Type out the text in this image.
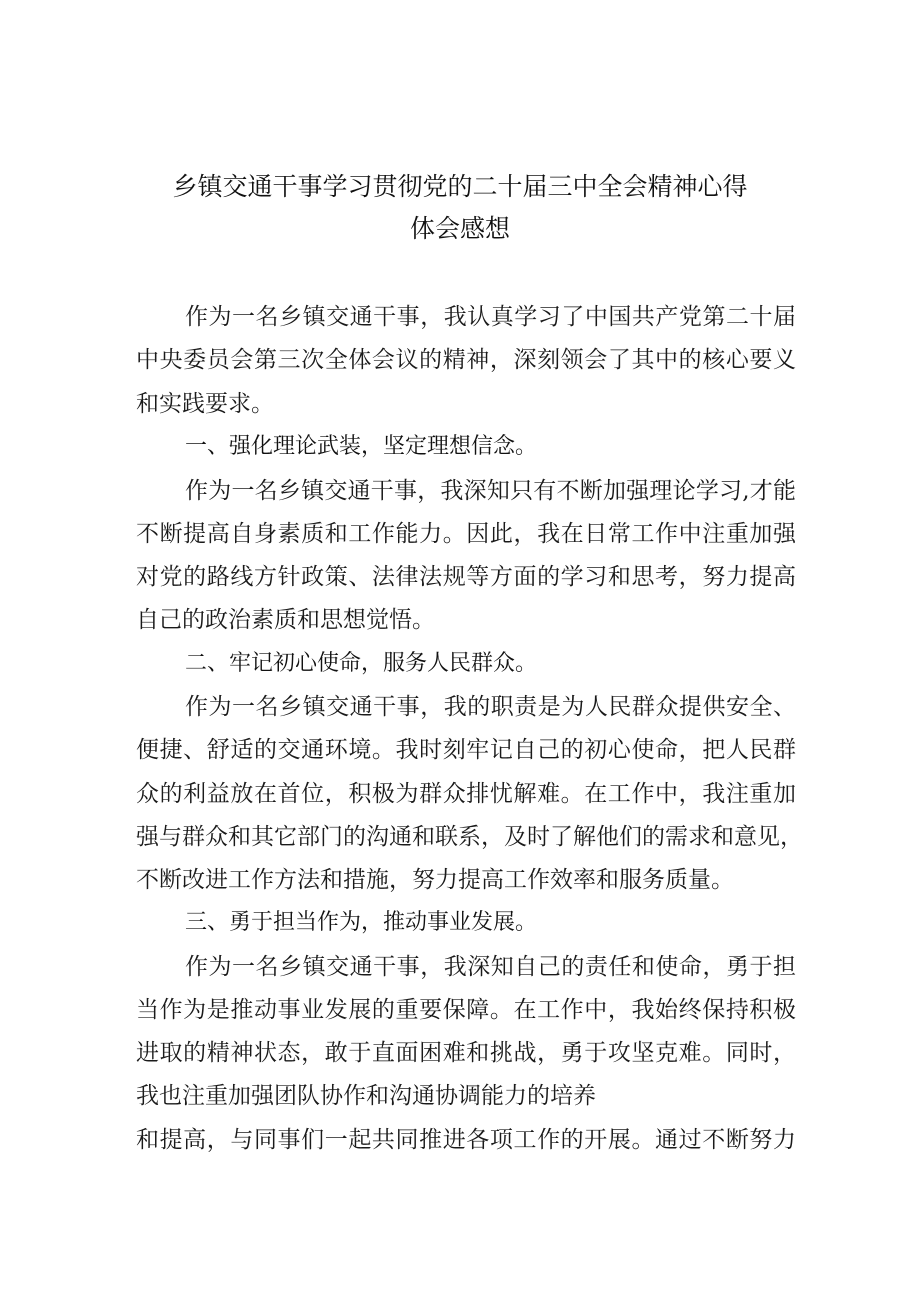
乡镇交通干事学习贯彻党的二十届三中全会精神心得
体会感想
作为一名乡镇交通干事，我认真学习了中国共产党第二十届
中央委员会第三次全体会议的精神，深刻领会了其中的核心要义
和实践要求。
一、强化理论武装，坚定理想信念。
作为一名乡镇交通干事，我深知只有不断加强理论学习,才能
不断提高自身素质和工作能力。因此，我在日常工作中注重加强
对党的路线方针政策、法律法规等方面的学习和思考，努力提高
自己的政治素质和思想觉悟。
二、牢记初心使命，服务人民群众。
作为一名乡镇交通干事，我的职责是为人民群众提供安全、
便捷、舒适的交通环境。我时刻牢记自己的初心使命，把人民群
众的利益放在首位，积极为群众排忧解难。在工作中，我注重加
强与群众和其它部门的沟通和联系，及时了解他们的需求和意见，
不断改进工作方法和措施，努力提高工作效率和服务质量。
三、勇于担当作为，推动事业发展。
作为一名乡镇交通干事，我深知自己的责任和使命，勇于担
当作为是推动事业发展的重要保障。在工作中，我始终保持积极
进取的精神状态，敢于直面困难和挑战，勇于攻坚克难。同时，
我也注重加强团队协作和沟通协调能力的培养
和提高，与同事们一起共同推进各项工作的开展。通过不断努力
